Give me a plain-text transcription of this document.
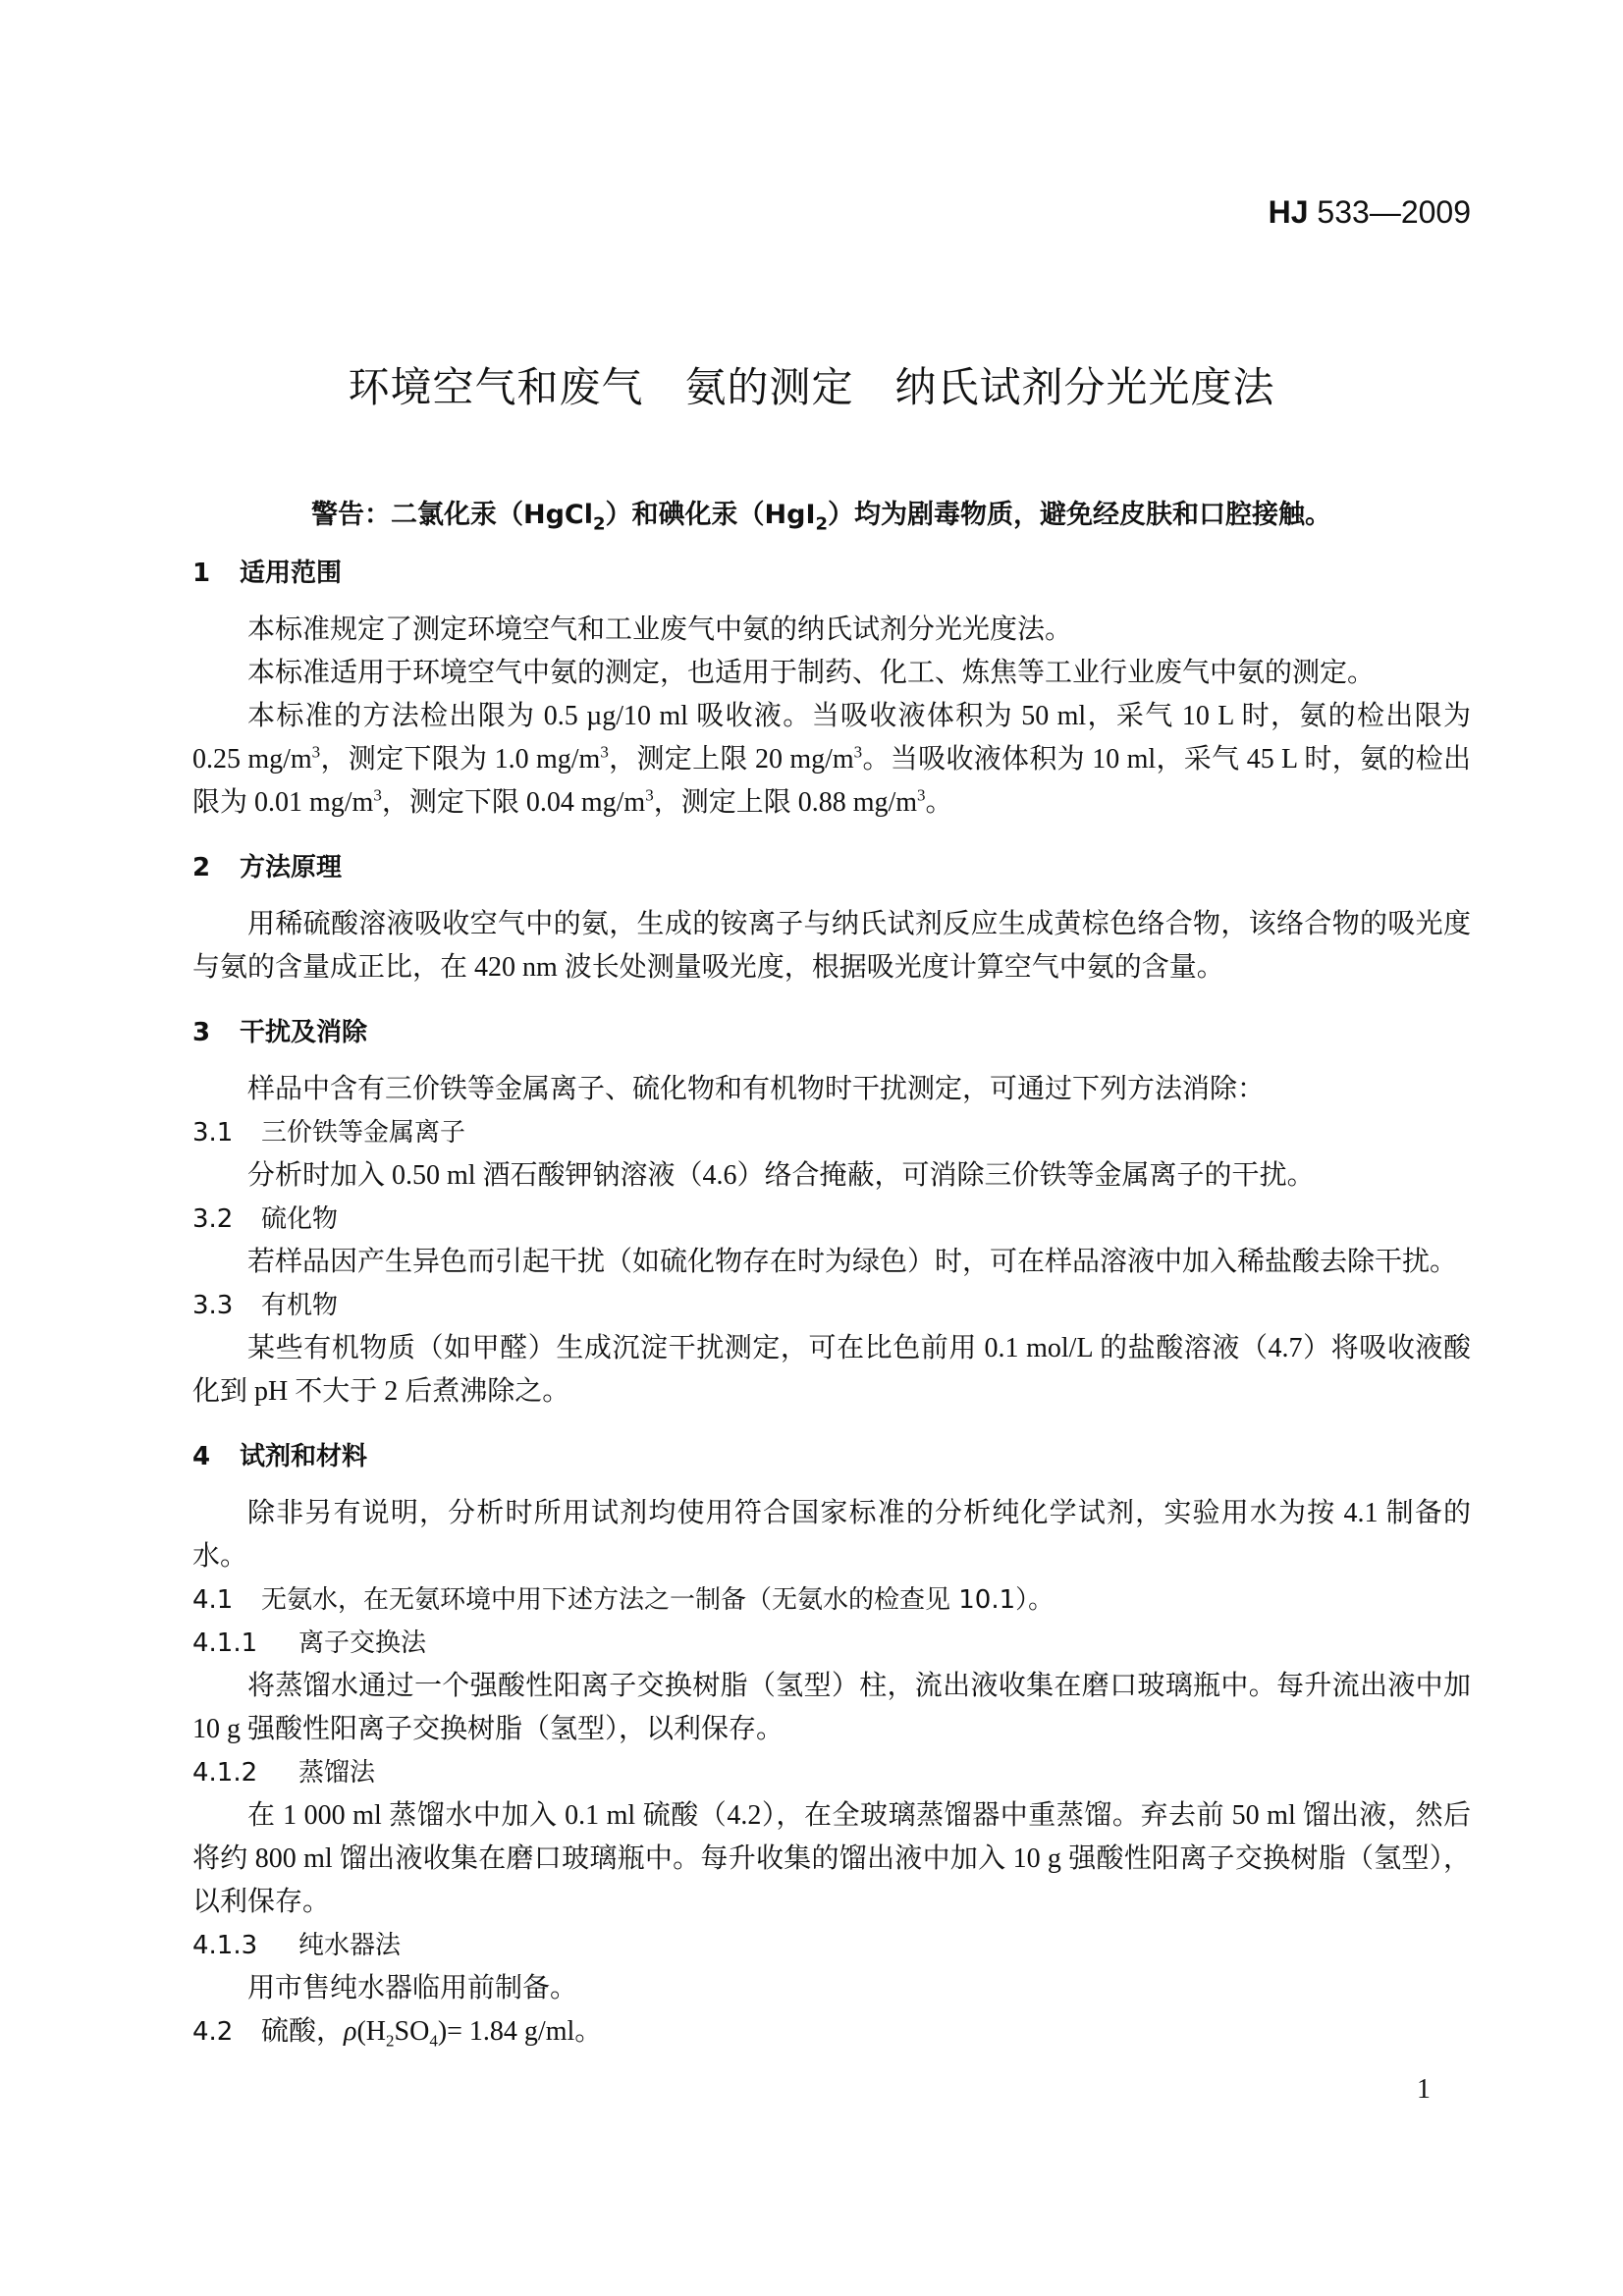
HJ 533—2009
环境空气和废气 氨的测定 纳氏试剂分光光度法
警告：二氯化汞（HgCl$_2$）和碘化汞（HgI$_2$）均为剧毒物质，避免经皮肤和口腔接触。
1	适用范围

本标准规定了测定环境空气和工业废气中氨的纳氏试剂分光光度法。

本标准适用于环境空气中氨的测定，也适用于制药、化工、炼焦等工业行业废气中氨的测定。

本标准的方法检出限为 0.5 µg/10 ml 吸收液。当吸收液体积为 50 ml，采气 10 L 时，氨的检出限为 0.25 $mg/m^3$，测定下限为 1.0 $mg/m^3$，测定上限 20 $mg/m^3$。当吸收液体积为 10 ml，采气 45 L 时，氨的检出限为 0.01 $mg/m^3$，测定下限 0.04 $mg/m^3$，测定上限 0.88 $mg/m^3$。

2	方法原理

用稀硫酸溶液吸收空气中的氨，生成的铵离子与纳氏试剂反应生成黄棕色络合物，该络合物的吸光度与氨的含量成正比，在 420 nm 波长处测量吸光度，根据吸光度计算空气中氨的含量。

3	干扰及消除

样品中含有三价铁等金属离子、硫化物和有机物时干扰测定，可通过下列方法消除：

3.1	三价铁等金属离子

分析时加入 0.50 ml 酒石酸钾钠溶液（4.6）络合掩蔽，可消除三价铁等金属离子的干扰。

3.2	硫化物

若样品因产生异色而引起干扰（如硫化物存在时为绿色）时，可在样品溶液中加入稀盐酸去除干扰。

3.3	有机物

某些有机物质（如甲醛）生成沉淀干扰测定，可在比色前用 0.1 mol/L 的盐酸溶液（4.7）将吸收液酸化到 pH 不大于 2 后煮沸除之。

4	试剂和材料

除非另有说明，分析时所用试剂均使用符合国家标准的分析纯化学试剂，实验用水为按 4.1 制备的水。

4.1	无氨水，在无氨环境中用下述方法之一制备（无氨水的检查见 10.1）。
4.1.1	离子交换法

将蒸馏水通过一个强酸性阳离子交换树脂（氢型）柱，流出液收集在磨口玻璃瓶中。每升流出液中加 10 g 强酸性阳离子交换树脂（氢型），以利保存。

4.1.2	蒸馏法

在 1 000 ml 蒸馏水中加入 0.1 ml 硫酸（4.2），在全玻璃蒸馏器中重蒸馏。弃去前 50 ml 馏出液，然后将约 800 ml 馏出液收集在磨口玻璃瓶中。每升收集的馏出液中加入 10 g 强酸性阳离子交换树脂（氢型），以利保存。

4.1.3	纯水器法

用市售纯水器临用前制备。

4.2	硫酸，$\rho(H_2SO_4)= 1.84$ g/ml。
1
